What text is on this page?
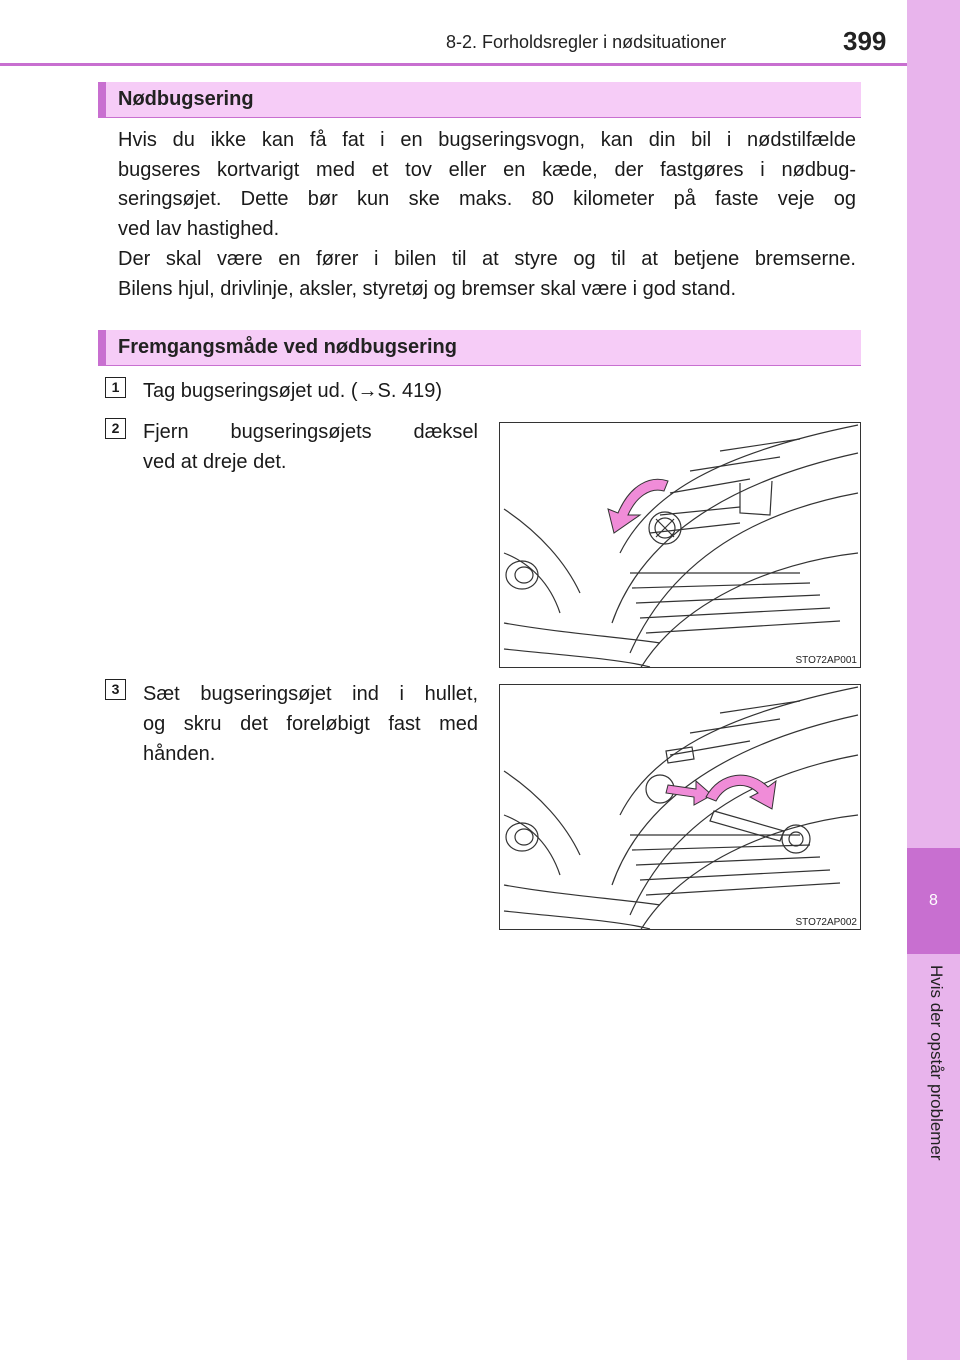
8
Hvis der opstår problemer
8-2. Forholdsregler i nødsituationer	399
Nødbugsering
Hvis du ikke kan få fat i en bugseringsvogn, kan din bil i nødstilfælde
bugseres kortvarigt med et tov eller en kæde, der fastgøres i nødbug-
seringsøjet. Dette bør kun ske maks. 80 kilometer på faste veje og
ved lav hastighed.
Der skal være en fører i bilen til at styre og til at betjene bremserne.
Bilens hjul, drivlinje, aksler, styretøj og bremser skal være i god stand.
Fremgangsmåde ved nødbugsering
1	Tag bugseringsøjet ud. (→S. 419)
2	Fjern bugseringsøjets dæksel
ved at dreje det.
STO72AP001
3	Sæt bugseringsøjet ind i hullet,
og skru det foreløbigt fast med
hånden.
STO72AP002
